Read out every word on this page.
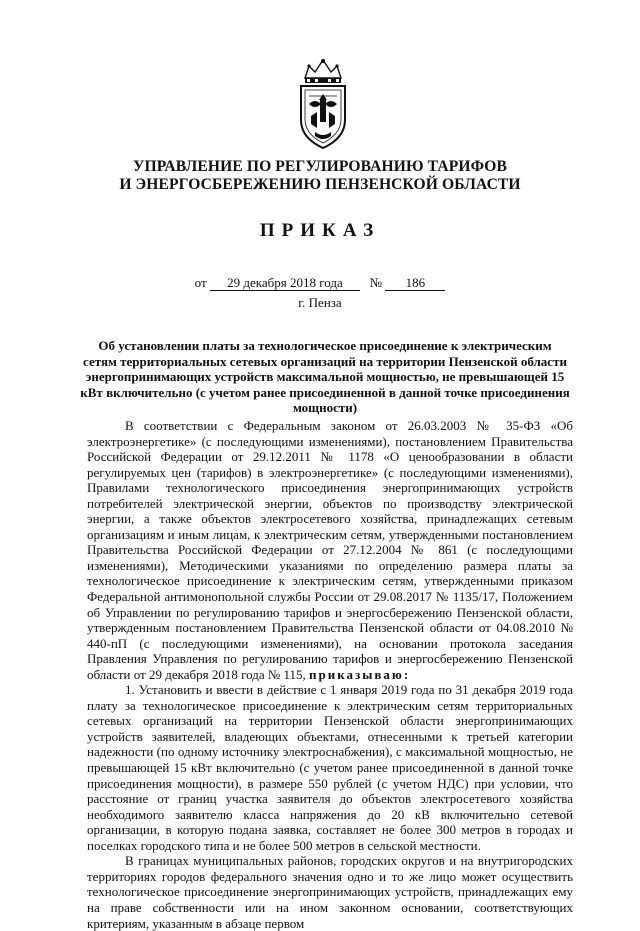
УПРАВЛЕНИЕ ПО РЕГУЛИРОВАНИЮ ТАРИФОВ
И ЭНЕРГОСБЕРЕЖЕНИЮ ПЕНЗЕНСКОЙ ОБЛАСТИ
ПРИКАЗ
от 29 декабря 2018 года № 186
г. Пенза
Об установлении платы за технологическое присоединение к электрическим сетям территориальных сетевых организаций на территории Пензенской области энергопринимающих устройств максимальной мощностью, не превышающей 15 кВт включительно (с учетом ранее присоединенной в данной точке присоединения мощности)

В соответствии с Федеральным законом от 26.03.2003 № 35-ФЗ «Об электроэнергетике» (с последующими изменениями), постановлением Правительства Российской Федерации от 29.12.2011 № 1178 «О ценообразовании в области регулируемых цен (тарифов) в электроэнергетике» (с последующими изменениями), Правилами технологического присоединения энергопринимающих устройств потребителей электрической энергии, объектов по производству электрической энергии, а также объектов электросетевого хозяйства, принадлежащих сетевым организациям и иным лицам, к электрическим сетям, утвержденными постановлением Правительства Российской Федерации от 27.12.2004 № 861 (с последующими изменениями), Методическими указаниями по определению размера платы за технологическое присоединение к электрическим сетям, утвержденными приказом Федеральной антимонопольной службы России от 29.08.2017 № 1135/17, Положением об Управлении по регулированию тарифов и энергосбережению Пензенской области, утвержденным постановлением Правительства Пензенской области от 04.08.2010 № 440-пП (с последующими изменениями), на основании протокола заседания Правления Управления по регулированию тарифов и энергосбережению Пензенской области от 29 декабря 2018 года № 115, приказываю:

1. Установить и ввести в действие с 1 января 2019 года по 31 декабря 2019 года плату за технологическое присоединение к электрическим сетям территориальных сетевых организаций на территории Пензенской области энергопринимающих устройств заявителей, владеющих объектами, отнесенными к третьей категории надежности (по одному источнику электроснабжения), с максимальной мощностью, не превышающей 15 кВт включительно (с учетом ранее присоединенной в данной точке присоединения мощности), в размере 550 рублей (с учетом НДС) при условии, что расстояние от границ участка заявителя до объектов электросетевого хозяйства необходимого заявителю класса напряжения до 20 кВ включительно сетевой организации, в которую подана заявка, составляет не более 300 метров в городах и поселках городского типа и не более 500 метров в сельской местности.

В границах муниципальных районов, городских округов и на внутригородских территориях городов федерального значения одно и то же лицо может осуществить технологическое присоединение энергопринимающих устройств, принадлежащих ему на праве собственности или на ином законном основании, соответствующих критериям, указанным в абзаце первом
